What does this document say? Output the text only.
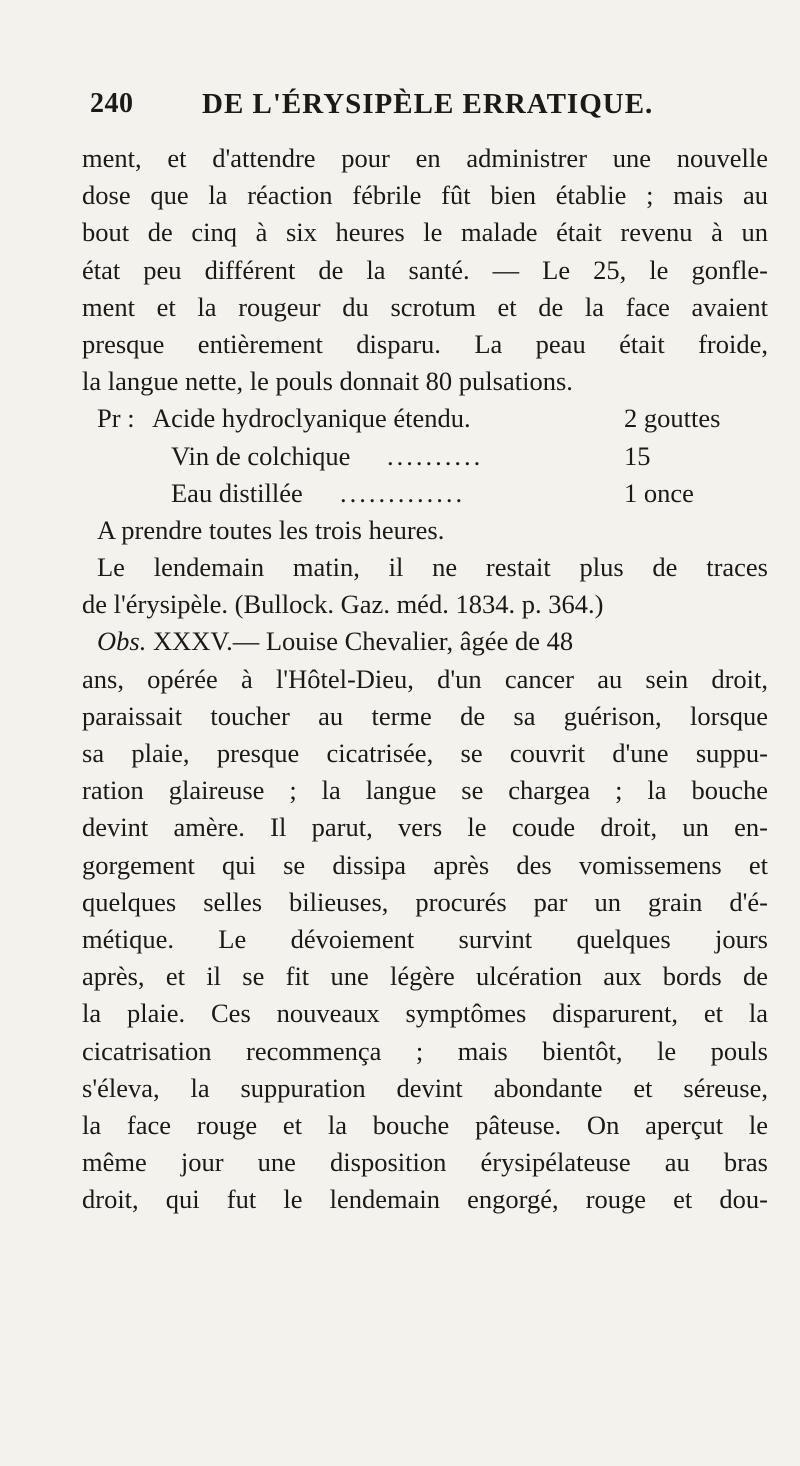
240 DE L'ÉRYSIPÈLE ERRATIQUE.
ment, et d'attendre pour en administrer une nouvelle
dose que la réaction fébrile fût bien établie ; mais au
bout de cinq à six heures le malade était revenu à un
état peu différent de la santé. — Le 25, le gonfle-
ment et la rougeur du scrotum et de la face avaient
presque entièrement disparu. La peau était froide,
la langue nette, le pouls donnait 80 pulsations.
Pr : Acide hydroclyanique étendu.	2 gouttes
Vin de colchique ..........	15
Eau distillée .............	1 once
A prendre toutes les trois heures.
Le lendemain matin, il ne restait plus de traces
de l'érysipèle. (Bullock. Gaz. méd. 1834. p. 364.)
Obs. XXXV.— Louise Chevalier, âgée de 48
ans, opérée à l'Hôtel-Dieu, d'un cancer au sein droit,
paraissait toucher au terme de sa guérison, lorsque
sa plaie, presque cicatrisée, se couvrit d'une suppu-
ration glaireuse ; la langue se chargea ; la bouche
devint amère. Il parut, vers le coude droit, un en-
gorgement qui se dissipa après des vomissemens et
quelques selles bilieuses, procurés par un grain d'é-
métique. Le dévoiement survint quelques jours
après, et il se fit une légère ulcération aux bords de
la plaie. Ces nouveaux symptômes disparurent, et la
cicatrisation recommença ; mais bientôt, le pouls
s'éleva, la suppuration devint abondante et séreuse,
la face rouge et la bouche pâteuse. On aperçut le
même jour une disposition érysipélateuse au bras
droit, qui fut le lendemain engorgé, rouge et dou-
